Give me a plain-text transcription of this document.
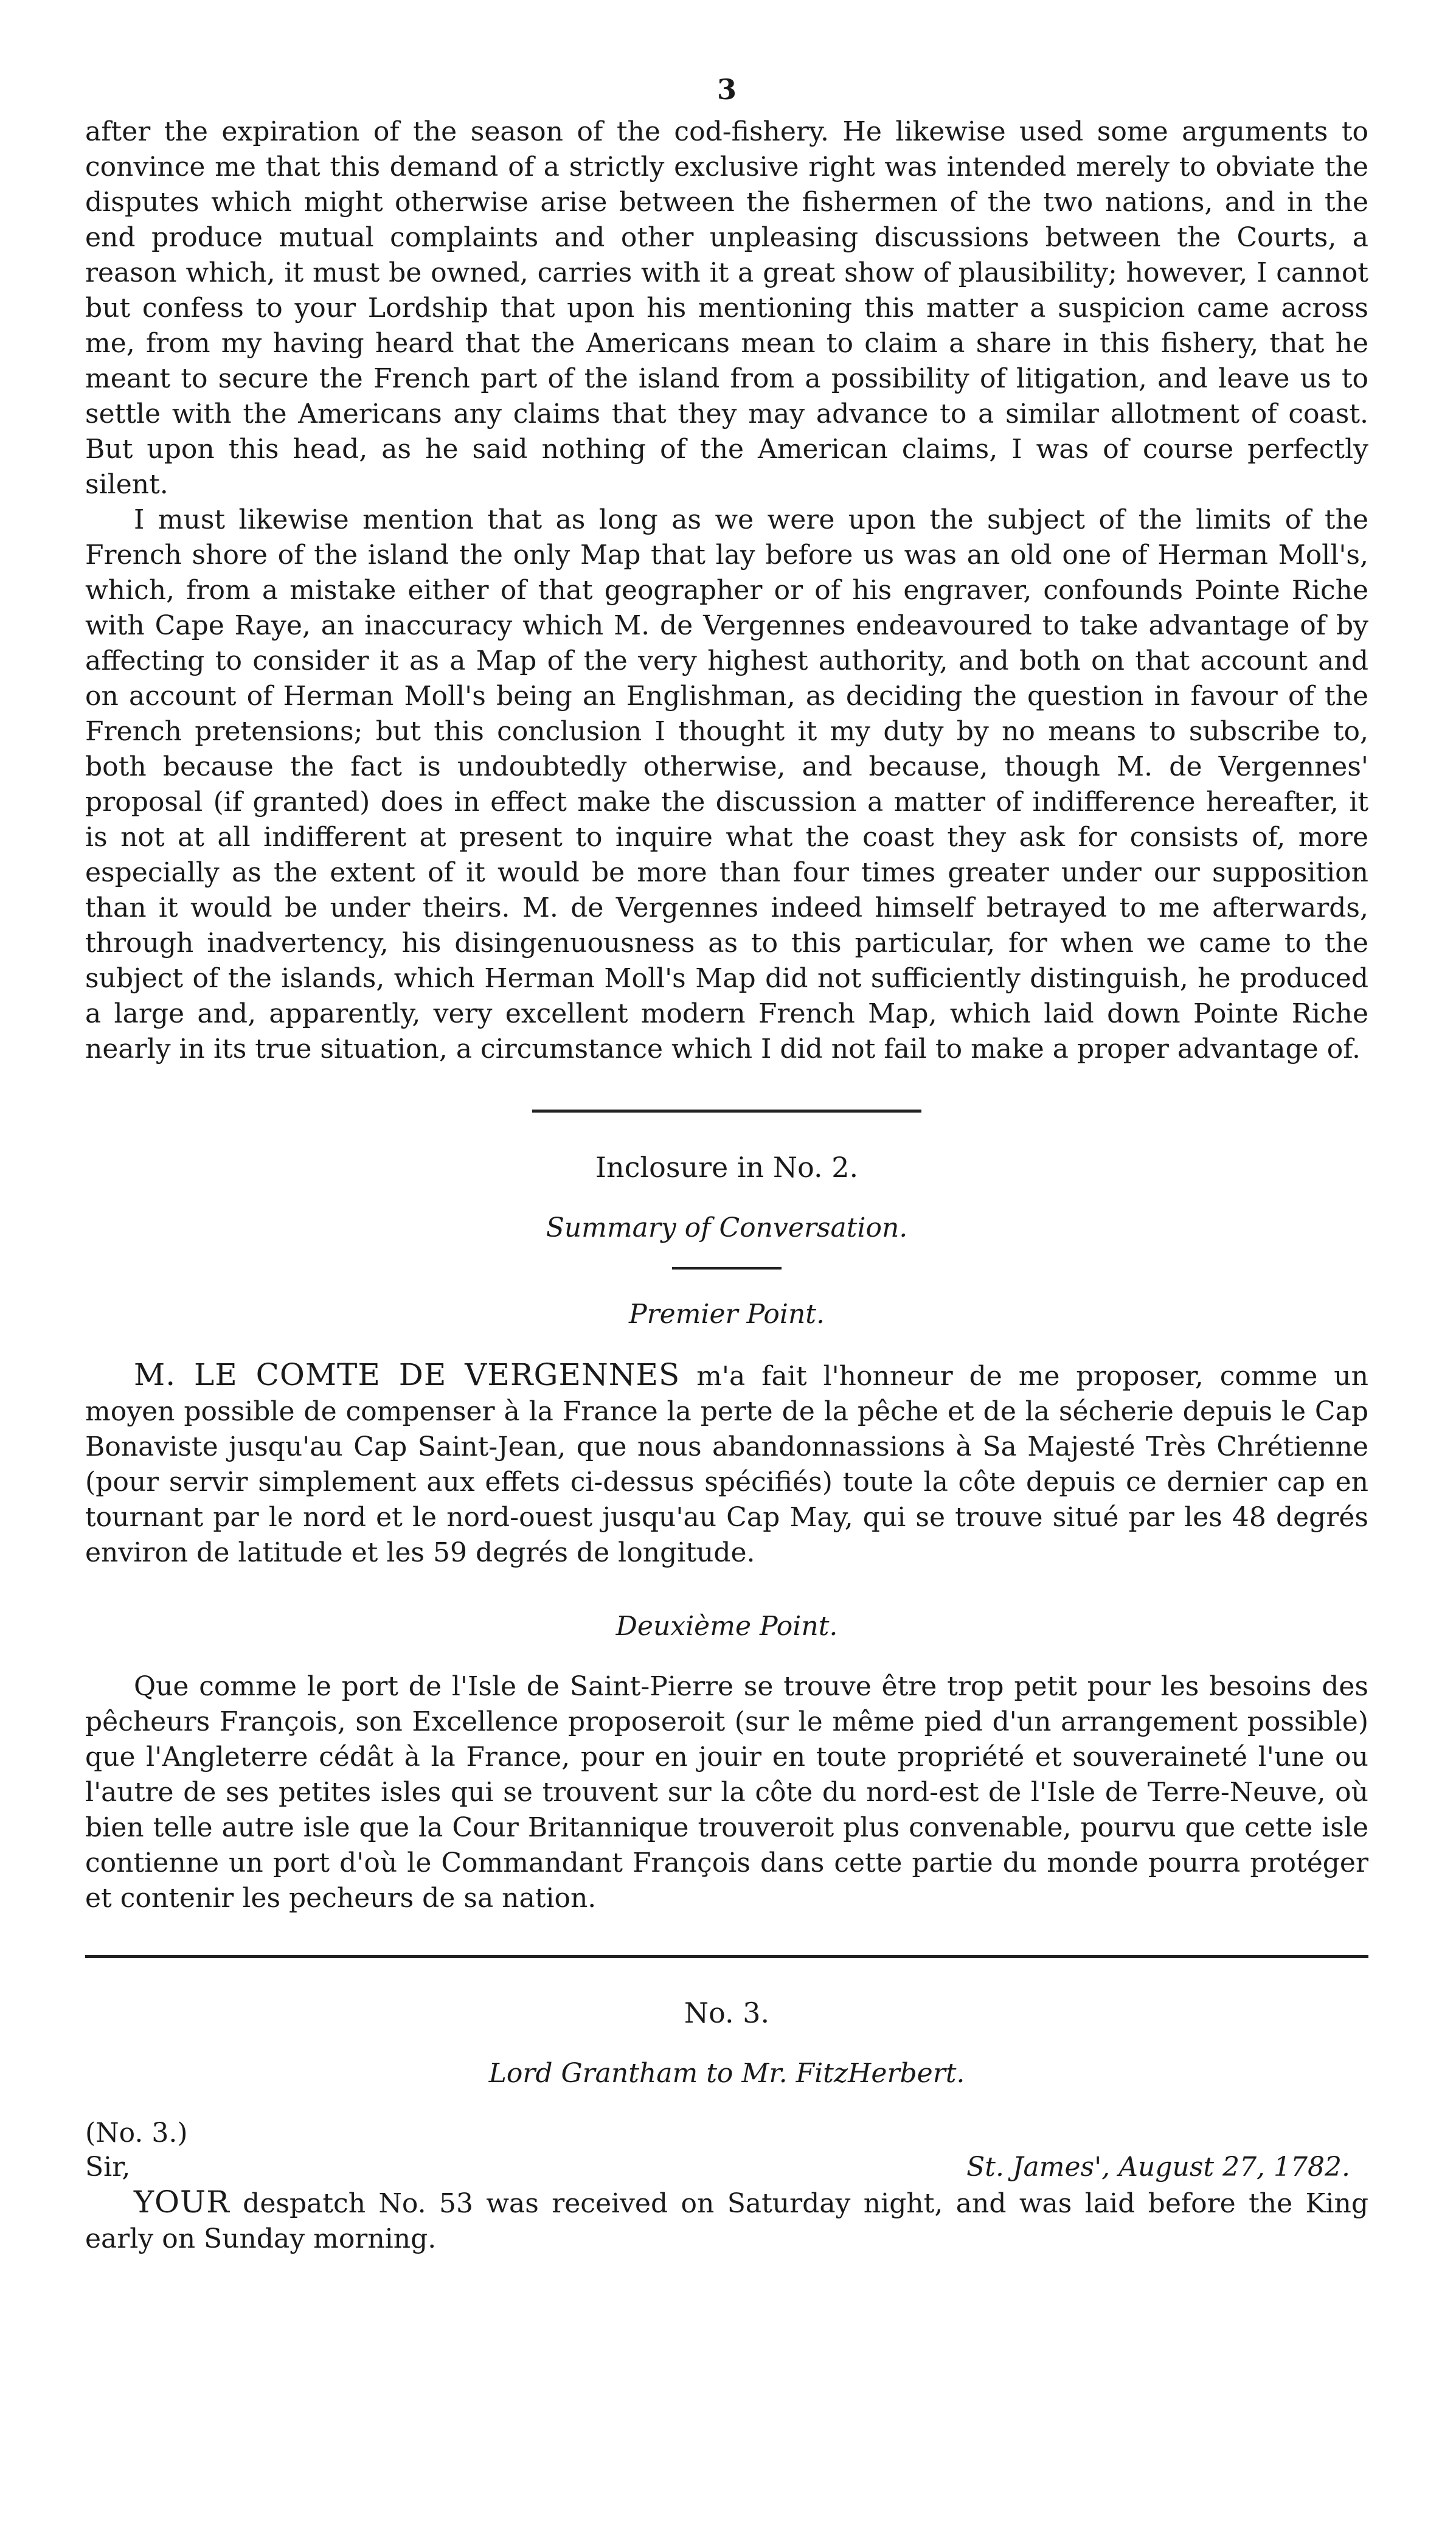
3

after the expiration of the season of the cod-fishery. He likewise used some arguments to convince me that this demand of a strictly exclusive right was intended merely to obviate the disputes which might otherwise arise between the fishermen of the two nations, and in the end produce mutual complaints and other unpleasing discussions between the Courts, a reason which, it must be owned, carries with it a great show of plausibility; however, I cannot but confess to your Lordship that upon his mentioning this matter a suspicion came across me, from my having heard that the Americans mean to claim a share in this fishery, that he meant to secure the French part of the island from a possibility of litigation, and leave us to settle with the Americans any claims that they may advance to a similar allotment of coast. But upon this head, as he said nothing of the American claims, I was of course perfectly silent.

I must likewise mention that as long as we were upon the subject of the limits of the French shore of the island the only Map that lay before us was an old one of Herman Moll's, which, from a mistake either of that geographer or of his engraver, confounds Pointe Riche with Cape Raye, an inaccuracy which M. de Vergennes endeavoured to take advantage of by affecting to consider it as a Map of the very highest authority, and both on that account and on account of Herman Moll's being an Englishman, as deciding the question in favour of the French pretensions; but this conclusion I thought it my duty by no means to subscribe to, both because the fact is undoubtedly otherwise, and because, though M. de Vergennes' proposal (if granted) does in effect make the discussion a matter of indifference hereafter, it is not at all indifferent at present to inquire what the coast they ask for consists of, more especially as the extent of it would be more than four times greater under our supposition than it would be under theirs. M. de Vergennes indeed himself betrayed to me afterwards, through inadvertency, his disingenuousness as to this particular, for when we came to the subject of the islands, which Herman Moll's Map did not sufficiently distinguish, he produced a large and, apparently, very excellent modern French Map, which laid down Pointe Riche nearly in its true situation, a circumstance which I did not fail to make a proper advantage of.

Inclosure in No. 2.
Summary of Conversation.
Premier Point.

M. LE COMTE DE VERGENNES m'a fait l'honneur de me proposer, comme un moyen possible de compenser à la France la perte de la pêche et de la sécherie depuis le Cap Bonaviste jusqu'au Cap Saint-Jean, que nous abandonnassions à Sa Majesté Très Chrétienne (pour servir simplement aux effets ci-dessus spécifiés) toute la côte depuis ce dernier cap en tournant par le nord et le nord-ouest jusqu'au Cap May, qui se trouve situé par les 48 degrés environ de latitude et les 59 degrés de longitude.

Deuxième Point.

Que comme le port de l'Isle de Saint-Pierre se trouve être trop petit pour les besoins des pêcheurs François, son Excellence proposeroit (sur le même pied d'un arrangement possible) que l'Angleterre cédât à la France, pour en jouir en toute propriété et souveraineté l'une ou l'autre de ses petites isles qui se trouvent sur la côte du nord-est de l'Isle de Terre-Neuve, où bien telle autre isle que la Cour Britannique trouveroit plus convenable, pourvu que cette isle contienne un port d'où le Commandant François dans cette partie du monde pourra protéger et contenir les pecheurs de sa nation.

No. 3.
Lord Grantham to Mr. FitzHerbert.
(No. 3.)
Sir,	St. James', August 27, 1782.

YOUR despatch No. 53 was received on Saturday night, and was laid before the King early on Sunday morning.
